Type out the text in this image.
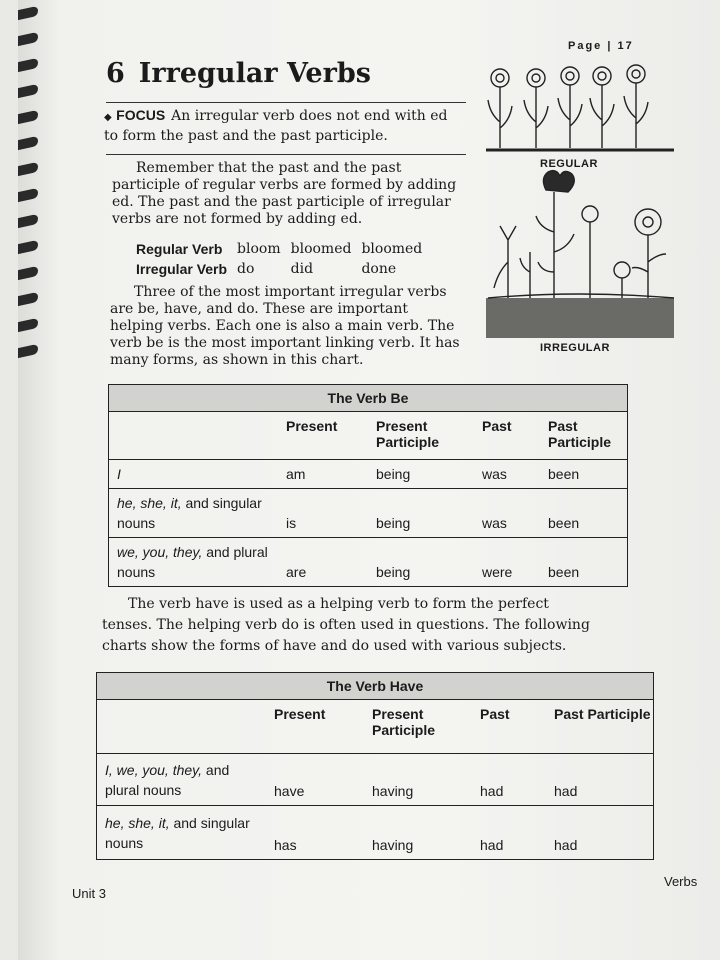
Page | 17
6 Irregular Verbs
◆ FOCUS An irregular verb does not end with ed to form the past and the past participle.
Remember that the past and the past participle of regular verbs are formed by adding ed. The past and the past participle of irregular verbs are not formed by adding ed.
Regular Verb	bloom	bloomed	bloomed
Irregular Verb	do	did	done
Three of the most important irregular verbs are be, have, and do. These are important helping verbs. Each one is also a main verb. The verb be is the most important linking verb. It has many forms, as shown in this chart.
REGULAR
IRREGULAR
The Verb Be				
	Present	Present Participle	Past	Past Participle
I	am	being	was	been
he, she, it, and singular nouns	is	being	was	been
we, you, they, and plural nouns	are	being	were	been
The verb have is used as a helping verb to form the perfect tenses. The helping verb do is often used in questions. The following charts show the forms of have and do used with various subjects.
The Verb Have				
	Present	Present Participle	Past	Past Participle
I, we, you, they, and plural nouns	have	having	had	had
he, she, it, and singular nouns	has	having	had	had
Unit 3
Verbs
